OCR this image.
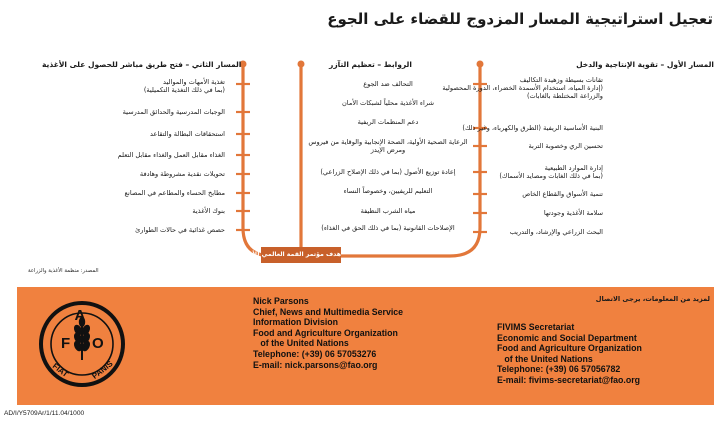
تعجيل استراتيجية المسار المزدوج للقضاء على الجوع
المسار الأول – تقوية الإنتاجية والدخل
الروابط – تعظيم التآزر
المسار الثاني – فتح طريق مباشر للحصول على الأغذية
تقانات بسيطة وزهيدة التكاليف
(إدارة المياه، استخدام الأسمدة الخضراء، الدورة المحصولية
والزراعة المختلطة بالغابات)
البنية الأساسية الريفية (الطرق والكهرباء، وغير ذلك)
تحسين الري وخصوبة التربة
إدارة الموارد الطبيعية
(بما في ذلك الغابات ومصايد الأسماك)
تنمية الأسواق والقطاع الخاص
سلامة الأغذية وجودتها
البحث الزراعي والإرشاد، والتدريب
التحالف ضد الجوع
شراء الأغذية محلياً لشبكات الأمان
دعم المنظمات الريفية
الرعاية الصحية الأولية، الصحة الإنجابية والوقاية من فيروس
ومرض الإيدز
إعادة توزيع الأصول (بما في ذلك الإصلاح الزراعي)
التعليم للريفيين، وخصوصاً النساء
مياه الشرب النظيفة
الإصلاحات القانونية (بما في ذلك الحق في الغذاء)
تغذية الأمهات والمواليد
(بما في ذلك التغذية التكميلية)
الوجبات المدرسية والحدائق المدرسية
استحقاقات البطالة والتقاعد
الغذاء مقابل العمل والغذاء مقابل التعلم
تحويلات نقدية مشروطة وهادفة
مطابخ الحساء والمطاعم في المصانع
بنوك الأغذية
حصص غذائية في حالات الطوارئ
هدف مؤتمر القمة العالمي للأغذية
المصدر: منظمة الأغذية والزراعة
F
A
O
FIAT	PANIS
Nick Parsons
Chief, News and Multimedia Service
Information Division
Food and Agriculture Organization
of the United Nations
Telephone: (+39) 06 57053276
E-mail: nick.parsons@fao.org
لمزيد من المعلومات، يرجى الاتصال
FIVIMS Secretariat
Economic and Social Department
Food and Agriculture Organization
of the United Nations
Telephone: (+39) 06 57056782
E-mail: fivims-secretariat@fao.org
AD/I/Y5709Ar/1/11.04/1000
